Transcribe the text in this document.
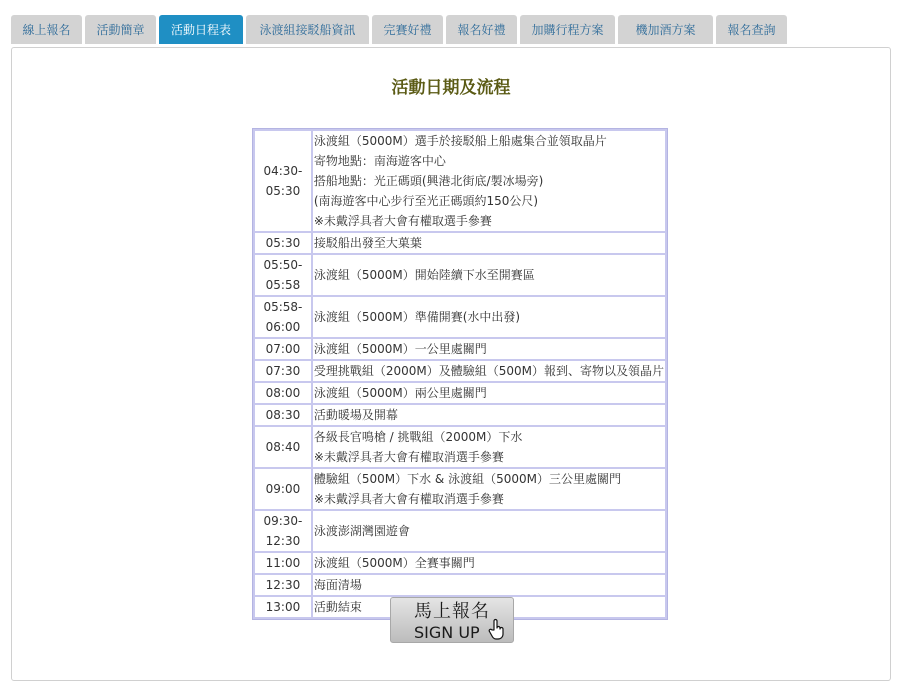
線上報名	活動簡章	活動日程表	泳渡組接駁船資訊	完賽好禮	報名好禮	加購行程方案	機加酒方案	報名查詢
活動日期及流程
04:30-05:30	泳渡組（5000M）選手於接駁船上船處集合並領取晶片
寄物地點：南海遊客中心
搭船地點：光正碼頭(興港北街底/製冰場旁)
(南海遊客中心步行至光正碼頭約150公尺)
※未戴浮具者大會有權取選手參賽

05:30	接駁船出發至大菓葉

05:50-05:58	泳渡組（5000M）開始陸續下水至開賽區

05:58-06:00	泳渡組（5000M）準備開賽(水中出發)

07:00	泳渡組（5000M）一公里處關門

07:30	受理挑戰組（2000M）及體驗組（500M）報到、寄物以及領晶片

08:00	泳渡組（5000M）兩公里處關門

08:30	活動暖場及開幕

08:40	各級長官鳴槍 / 挑戰組（2000M）下水
※未戴浮具者大會有權取消選手參賽

09:00	體驗組（500M）下水 & 泳渡組（5000M）三公里處關門
※未戴浮具者大會有權取消選手參賽

09:30-12:30	泳渡澎湖灣園遊會

11:00	泳渡組（5000M）全賽事關門

12:30	海面清場

13:00	活動結束	馬上報名
SIGN UP
